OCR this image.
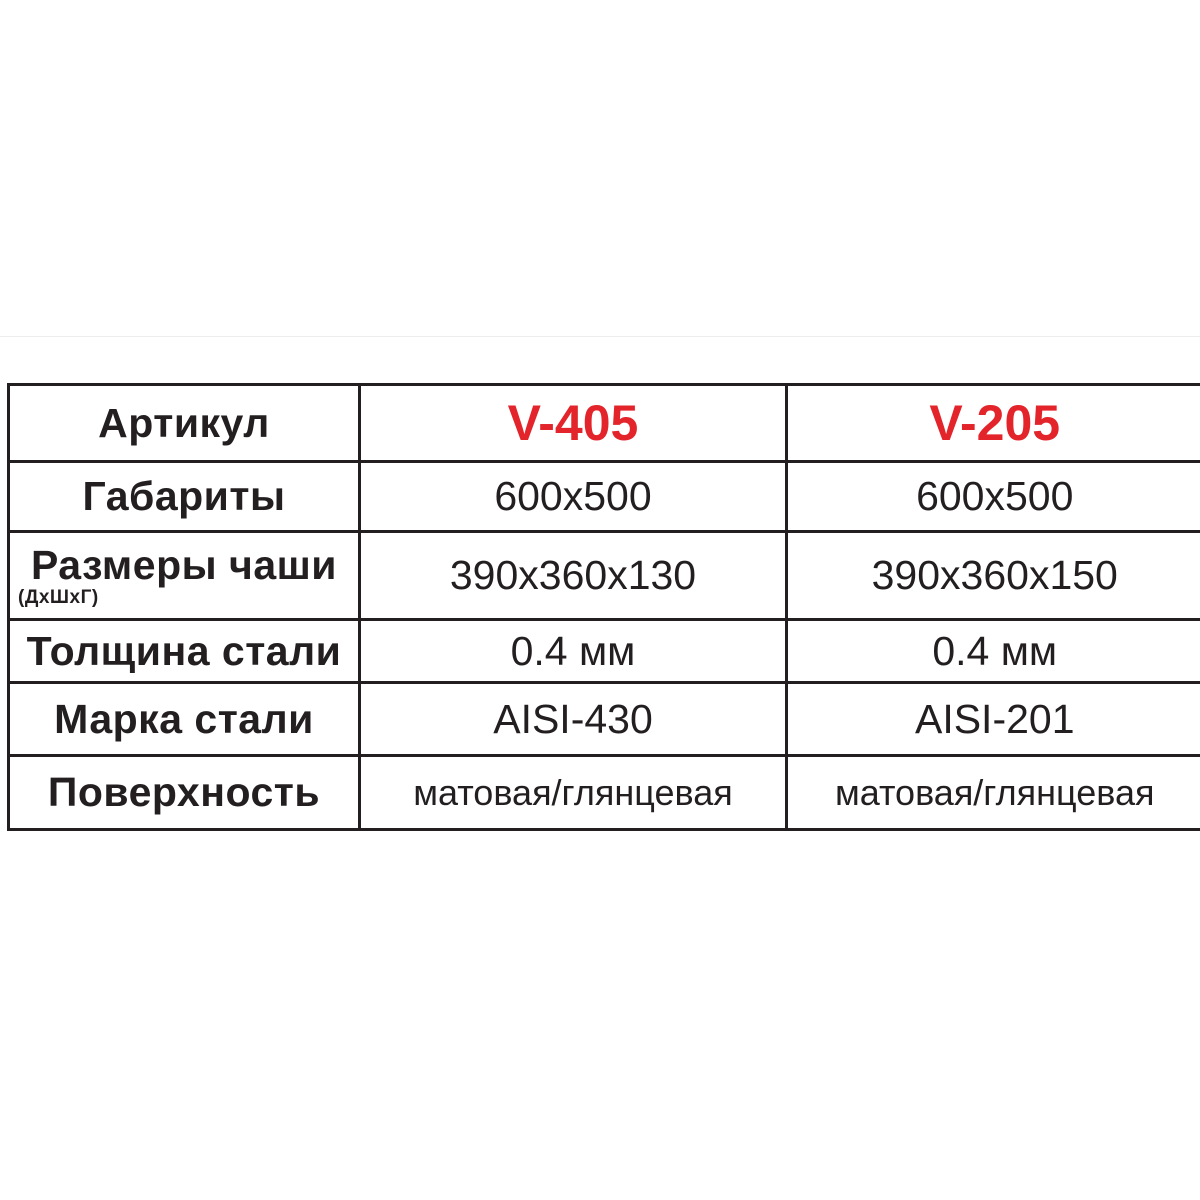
Артикул	V-405	V-205
Габариты	600x500	600x500

Размеры чаши
(ДхШхГ)	390x360x130	390x360x150
Толщина стали	0.4 мм	0.4 мм
Марка стали	AISI-430	AISI-201
Поверхность	матовая/глянцевая	матовая/глянцевая
